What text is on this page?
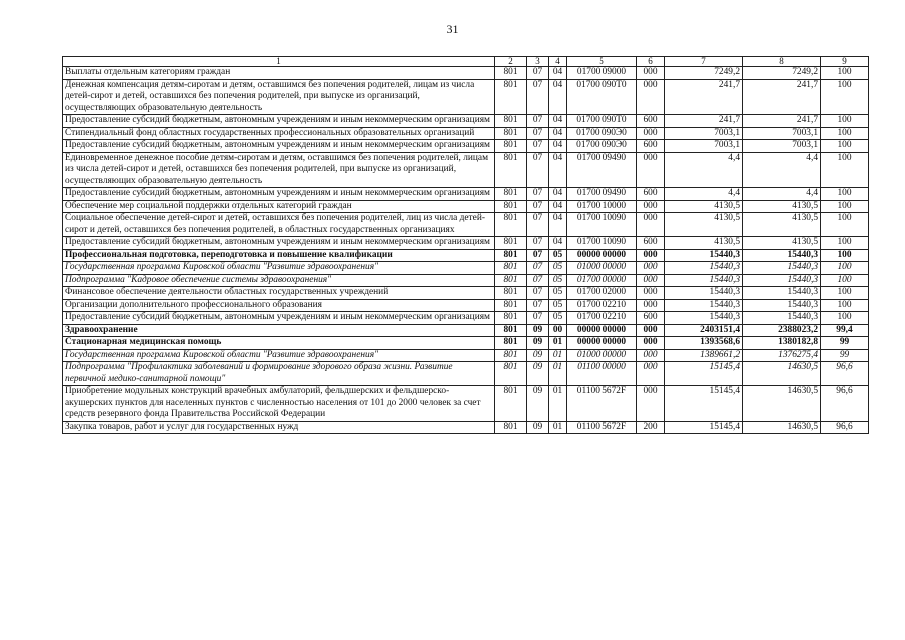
31
1	2	3	4	5	6	7	8	9
Выплаты отдельным категориям граждан	801	07	04	01700 09000	000	7249,2	7249,2	100
Денежная компенсация детям-сиротам и детям, оставшимся без попечения родителей, лицам из числа детей-сирот и детей, оставшихся без попечения родителей, при выпуске из организаций, осуществляющих образовательную деятельность	801	07	04	01700 090Т0	000	241,7	241,7	100
Предоставление субсидий бюджетным, автономным учреждениям и иным некоммерческим организациям	801	07	04	01700 090Т0	600	241,7	241,7	100
Стипендиальный фонд областных государственных профессиональных образовательных организаций	801	07	04	01700 090Э0	000	7003,1	7003,1	100
Предоставление субсидий бюджетным, автономным учреждениям и иным некоммерческим организациям	801	07	04	01700 090Э0	600	7003,1	7003,1	100
Единовременное денежное пособие детям-сиротам и детям, оставшимся без попечения родителей, лицам из числа детей-сирот и детей, оставшихся без попечения родителей, при выпуске из организаций, осуществляющих образовательную деятельность	801	07	04	01700 09490	000	4,4	4,4	100
Предоставление субсидий бюджетным, автономным учреждениям и иным некоммерческим организациям	801	07	04	01700 09490	600	4,4	4,4	100
Обеспечение мер социальной поддержки отдельных категорий граждан	801	07	04	01700 10000	000	4130,5	4130,5	100
Социальное обеспечение детей-сирот и детей, оставшихся без попечения родителей, лиц из числа детей-сирот и детей, оставшихся без попечения родителей, в областных государственных организациях	801	07	04	01700 10090	000	4130,5	4130,5	100
Предоставление субсидий бюджетным, автономным учреждениям и иным некоммерческим организациям	801	07	04	01700 10090	600	4130,5	4130,5	100
Профессиональная подготовка, переподготовка и повышение квалификации	801	07	05	00000 00000	000	15440,3	15440,3	100
Государственная программа Кировской области "Развитие здравоохранения"	801	07	05	01000 00000	000	15440,3	15440,3	100
Подпрограмма "Кадровое обеспечение системы здравоохранения"	801	07	05	01700 00000	000	15440,3	15440,3	100
Финансовое обеспечение деятельности областных государственных учреждений	801	07	05	01700 02000	000	15440,3	15440,3	100
Организации дополнительного профессионального образования	801	07	05	01700 02210	000	15440,3	15440,3	100
Предоставление субсидий бюджетным, автономным учреждениям и иным некоммерческим организациям	801	07	05	01700 02210	600	15440,3	15440,3	100
Здравоохранение	801	09	00	00000 00000	000	2403151,4	2388023,2	99,4
Стационарная медицинская помощь	801	09	01	00000 00000	000	1393568,6	1380182,8	99
Государственная программа Кировской области "Развитие здравоохранения"	801	09	01	01000 00000	000	1389661,2	1376275,4	99
Подпрограмма "Профилактика заболеваний и формирование здорового образа жизни. Развитие первичной медико-санитарной помощи"	801	09	01	01100 00000	000	15145,4	14630,5	96,6
Приобретение модульных конструкций врачебных амбулаторий, фельдшерских и фельдшерско-акушерских пунктов для населенных пунктов с численностью населения от 101 до 2000 человек за счет средств резервного фонда Правительства Российской Федерации	801	09	01	01100 5672F	000	15145,4	14630,5	96,6
Закупка товаров, работ и услуг для государственных нужд	801	09	01	01100 5672F	200	15145,4	14630,5	96,6
